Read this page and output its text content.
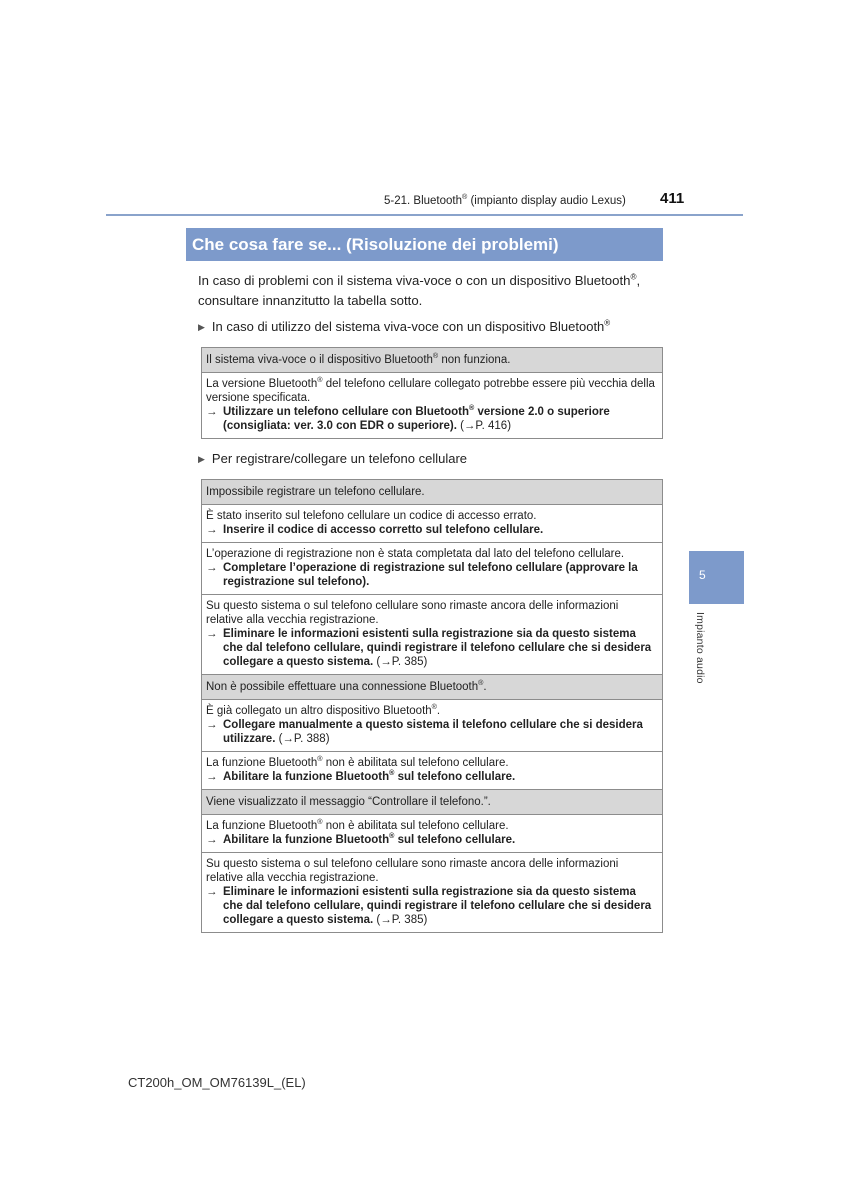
5-21. Bluetooth® (impianto display audio Lexus) 411
Che cosa fare se... (Risoluzione dei problemi)
In caso di problemi con il sistema viva-voce o con un dispositivo Bluetooth®,
consultare innanzitutto la tabella sotto.
▶ In caso di utilizzo del sistema viva-voce con un dispositivo Bluetooth®
Il sistema viva-voce o il dispositivo Bluetooth® non funziona.

La versione Bluetooth® del telefono cellulare collegato potrebbe essere più vecchia della versione specificata.
→ Utilizzare un telefono cellulare con Bluetooth® versione 2.0 o superiore (consigliata: ver. 3.0 con EDR o superiore). (→P. 416)
▶ Per registrare/collegare un telefono cellulare
Impossibile registrare un telefono cellulare.

È stato inserito sul telefono cellulare un codice di accesso errato.
→ Inserire il codice di accesso corretto sul telefono cellulare.

L’operazione di registrazione non è stata completata dal lato del telefono cellulare.
→ Completare l’operazione di registrazione sul telefono cellulare (approvare la registrazione sul telefono).

Su questo sistema o sul telefono cellulare sono rimaste ancora delle informazioni relative alla vecchia registrazione.
→ Eliminare le informazioni esistenti sulla registrazione sia da questo sistema che dal telefono cellulare, quindi registrare il telefono cellulare che si desidera collegare a questo sistema. (→P. 385)

Non è possibile effettuare una connessione Bluetooth®.

È già collegato un altro dispositivo Bluetooth®.
→ Collegare manualmente a questo sistema il telefono cellulare che si desidera utilizzare. (→P. 388)

La funzione Bluetooth® non è abilitata sul telefono cellulare.
→ Abilitare la funzione Bluetooth® sul telefono cellulare.

Viene visualizzato il messaggio “Controllare il telefono.”.

La funzione Bluetooth® non è abilitata sul telefono cellulare.
→ Abilitare la funzione Bluetooth® sul telefono cellulare.

Su questo sistema o sul telefono cellulare sono rimaste ancora delle informazioni relative alla vecchia registrazione.
→ Eliminare le informazioni esistenti sulla registrazione sia da questo sistema che dal telefono cellulare, quindi registrare il telefono cellulare che si desidera collegare a questo sistema. (→P. 385)
5
Impianto audio
CT200h_OM_OM76139L_(EL)
